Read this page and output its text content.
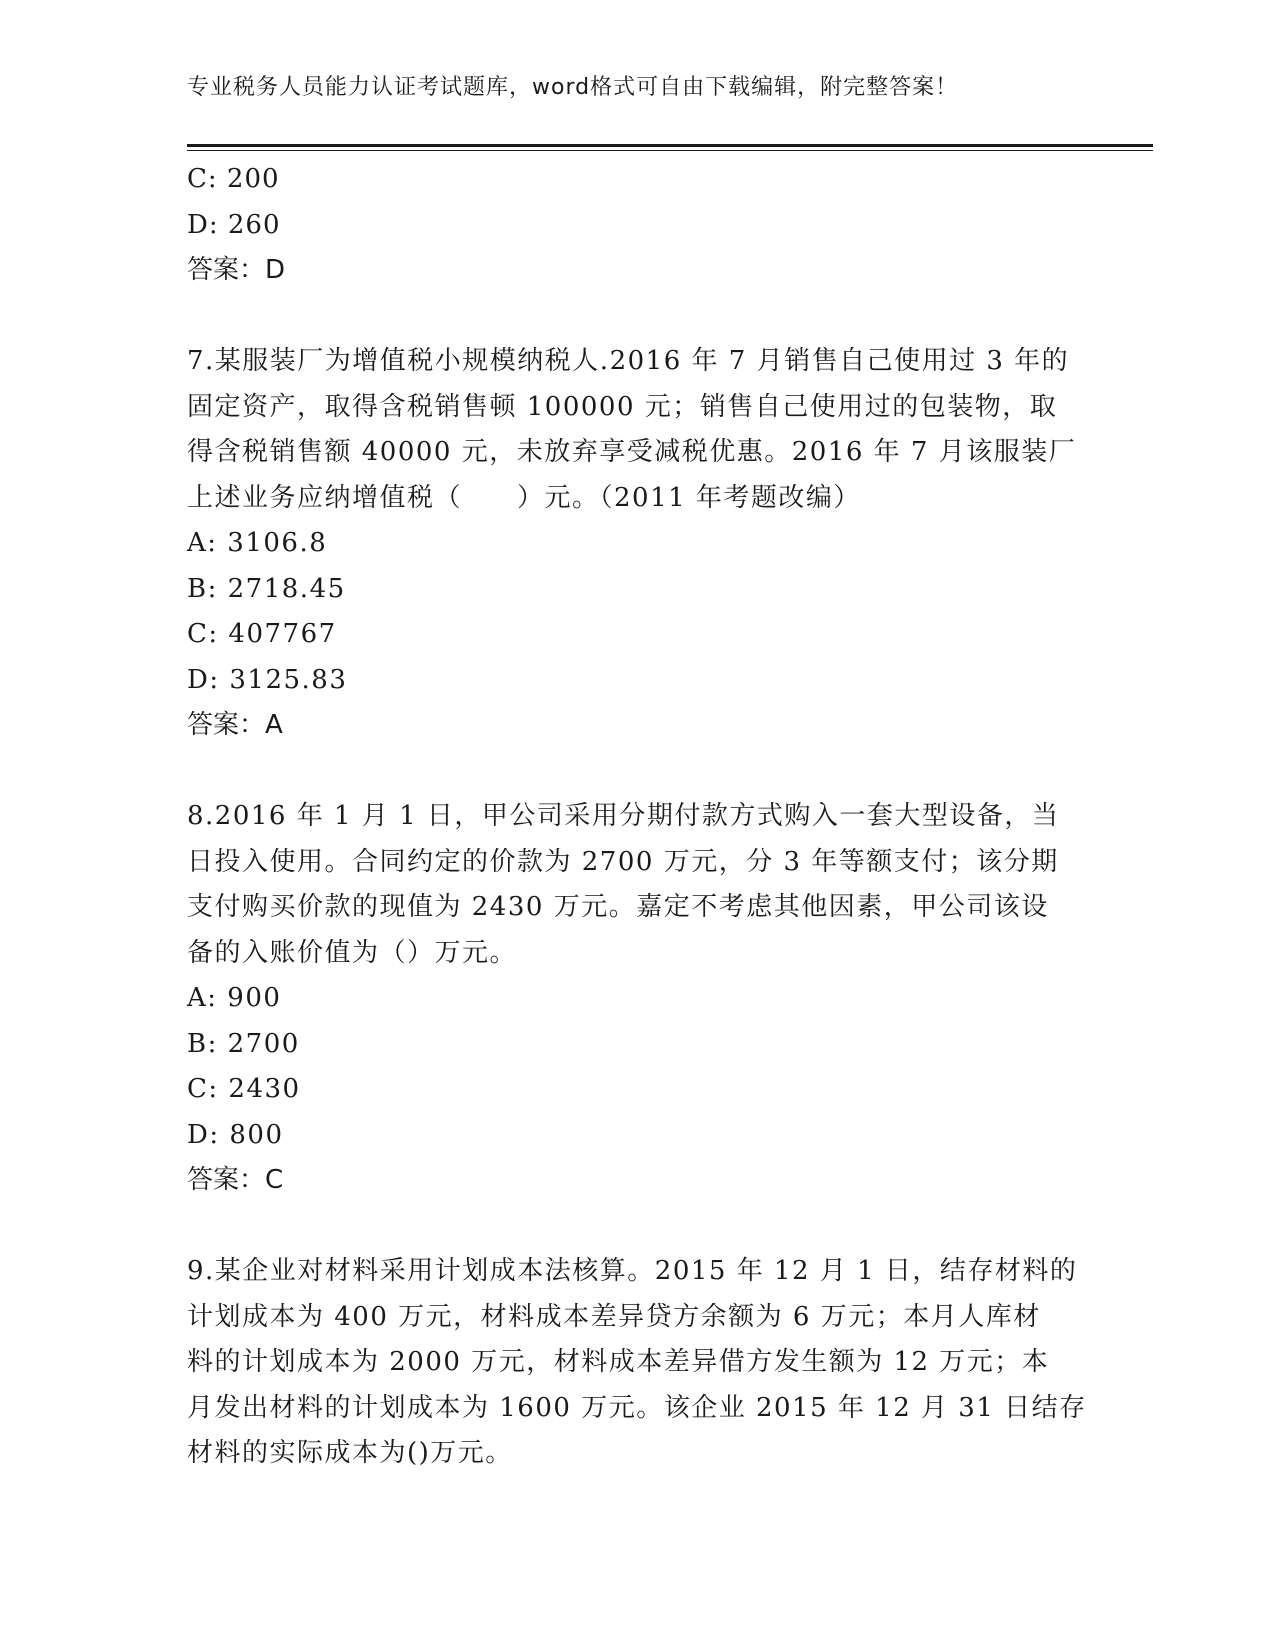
专业税务人员能力认证考试题库，word格式可自由下载编辑，附完整答案！
C: 200
D: 260
答案：D
7.某服装厂为增值税小规模纳税人.2016 年 7 月销售自己使用过 3 年的
固定资产，取得含税销售顿 100000 元；销售自己使用过的包装物，取
得含税销售额 40000 元，未放弃享受减税优惠。2016 年 7 月该服装厂
上述业务应纳增值税（　　）元。（2011 年考题改编）
A: 3106.8
B: 2718.45
C: 407767
D: 3125.83
答案：A
8.2016 年 1 月 1 日，甲公司采用分期付款方式购入一套大型设备，当
日投入使用。合同约定的价款为 2700 万元，分 3 年等额支付；该分期
支付购买价款的现值为 2430 万元。嘉定不考虑其他因素，甲公司该设
备的入账价值为（）万元。
A: 900
B: 2700
C: 2430
D: 800
答案：C
9.某企业对材料采用计划成本法核算。2015 年 12 月 1 日，结存材料的
计划成本为 400 万元，材料成本差异贷方余额为 6 万元；本月人库材
料的计划成本为 2000 万元，材料成本差异借方发生额为 12 万元；本
月发出材料的计划成本为 1600 万元。该企业 2015 年 12 月 31 日结存
材料的实际成本为()万元。
